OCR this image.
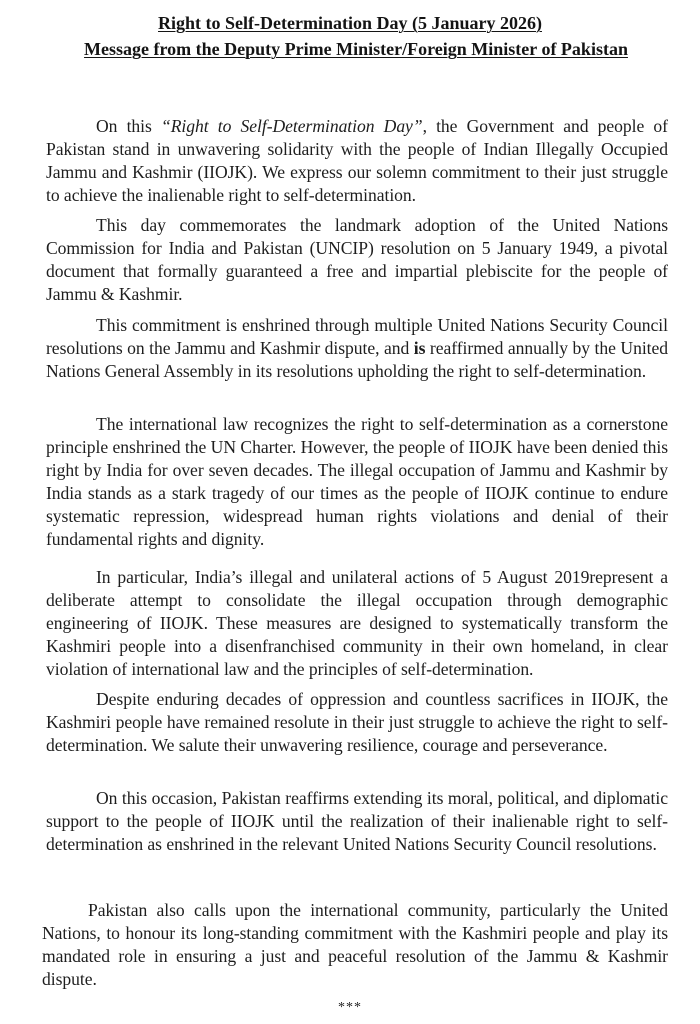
Right to Self-Determination Day (5 January 2026)
Message from the Deputy Prime Minister/Foreign Minister of Pakistan

On this “Right to Self-Determination Day”, the Government and people of Pakistan stand in unwavering solidarity with the people of Indian Illegally Occupied Jammu and Kashmir (IIOJK). We express our solemn commitment to their just struggle to achieve the inalienable right to self-determination.

This day commemorates the landmark adoption of the United Nations Commission for India and Pakistan (UNCIP) resolution on 5 January 1949, a pivotal document that formally guaranteed a free and impartial plebiscite for the people of Jammu & Kashmir.

This commitment is enshrined through multiple United Nations Security Council resolutions on the Jammu and Kashmir dispute, and is reaffirmed annually by the United Nations General Assembly in its resolutions upholding the right to self-determination.

The international law recognizes the right to self-determination as a cornerstone principle enshrined the UN Charter. However, the people of IIOJK have been denied this right by India for over seven decades. The illegal occupation of Jammu and Kashmir by India stands as a stark tragedy of our times as the people of IIOJK continue to endure systematic repression, widespread human rights violations and denial of their fundamental rights and dignity.

In particular, India’s illegal and unilateral actions of 5 August 2019represent a deliberate attempt to consolidate the illegal occupation through demographic engineering of IIOJK. These measures are designed to systematically transform the Kashmiri people into a disenfranchised community in their own homeland, in clear violation of international law and the principles of self-determination.

Despite enduring decades of oppression and countless sacrifices in IIOJK, the Kashmiri people have remained resolute in their just struggle to achieve the right to self-determination. We salute their unwavering resilience, courage and perseverance.

On this occasion, Pakistan reaffirms extending its moral, political, and diplomatic support to the people of IIOJK until the realization of their inalienable right to self-determination as enshrined in the relevant United Nations Security Council resolutions.

Pakistan also calls upon the international community, particularly the United Nations, to honour its long-standing commitment with the Kashmiri people and play its mandated role in ensuring a just and peaceful resolution of the Jammu & Kashmir dispute.

***
